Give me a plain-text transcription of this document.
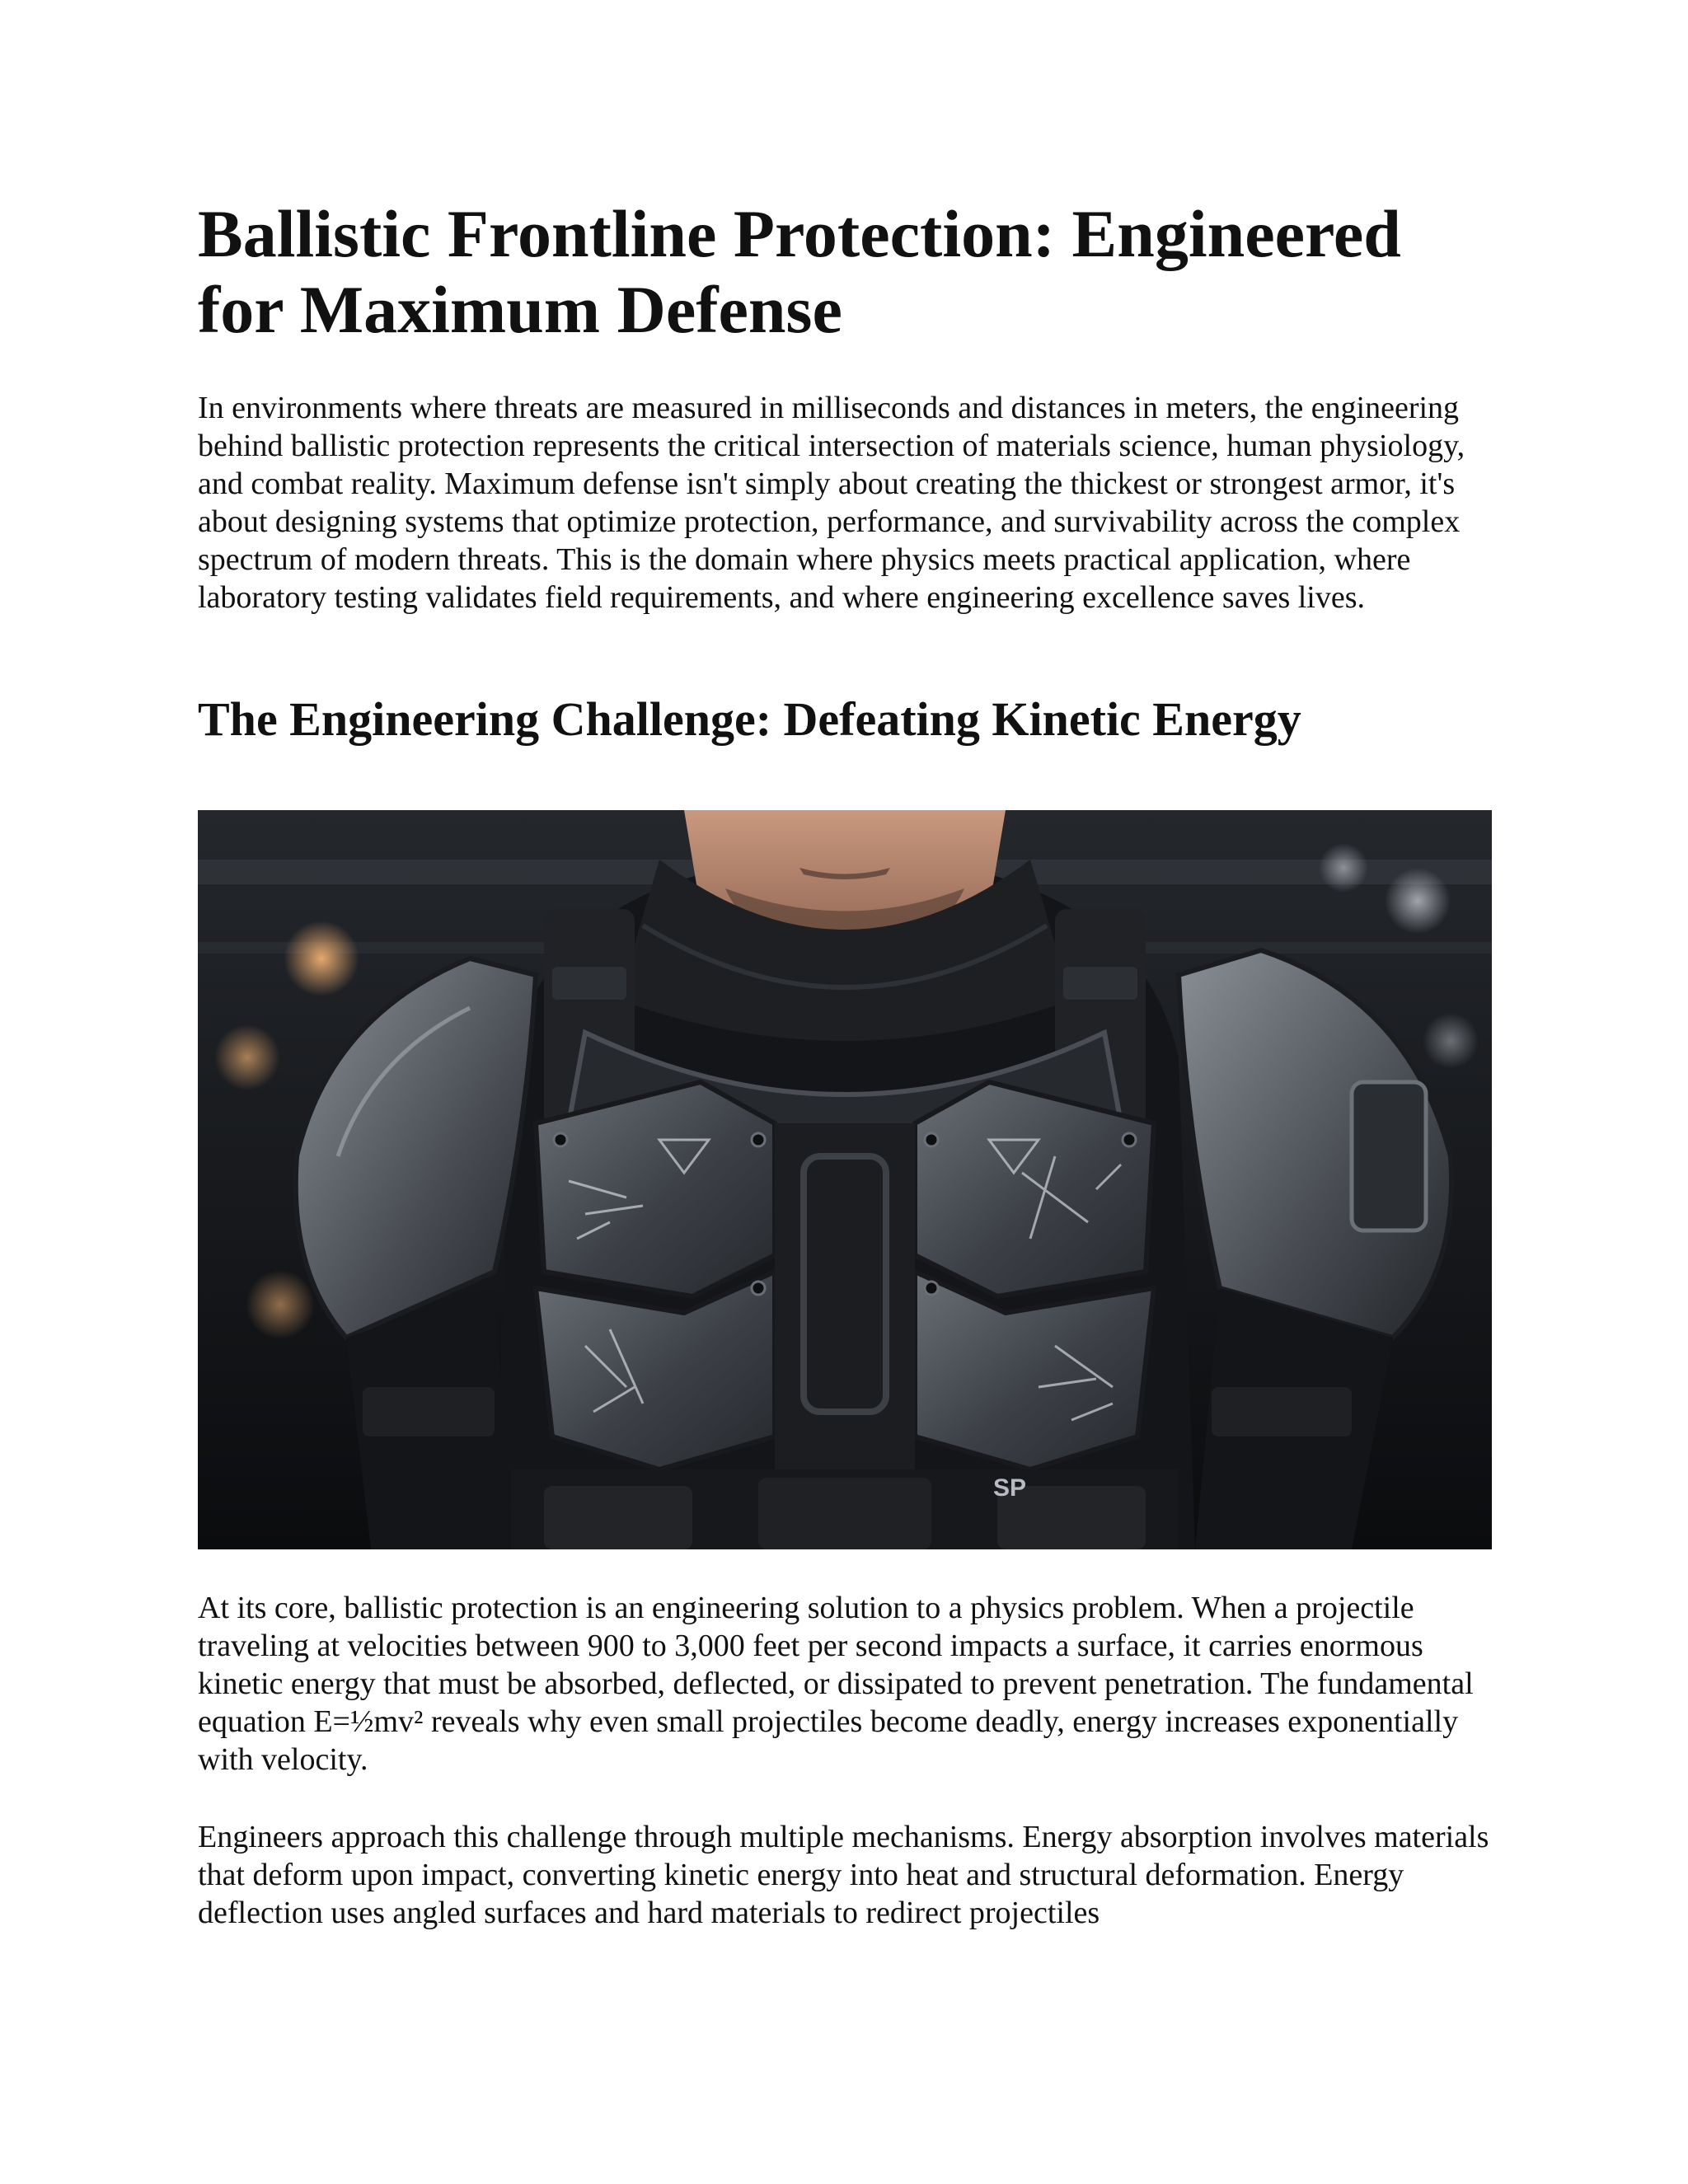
Ballistic Frontline Protection: Engineered for Maximum Defense

In environments where threats are measured in milliseconds and distances in meters, the engineering behind ballistic protection represents the critical intersection of materials science, human physiology, and combat reality. Maximum defense isn't simply about creating the thickest or strongest armor, it's about designing systems that optimize protection, performance, and survivability across the complex spectrum of modern threats. This is the domain where physics meets practical application, where laboratory testing validates field requirements, and where engineering excellence saves lives.

The Engineering Challenge: Defeating Kinetic Energy
SP

At its core, ballistic protection is an engineering solution to a physics problem. When a projectile traveling at velocities between 900 to 3,000 feet per second impacts a surface, it carries enormous kinetic energy that must be absorbed, deflected, or dissipated to prevent penetration. The fundamental equation E=½mv² reveals why even small projectiles become deadly, energy increases exponentially with velocity.

Engineers approach this challenge through multiple mechanisms. Energy absorption involves materials that deform upon impact, converting kinetic energy into heat and structural deformation. Energy deflection uses angled surfaces and hard materials to redirect projectiles
